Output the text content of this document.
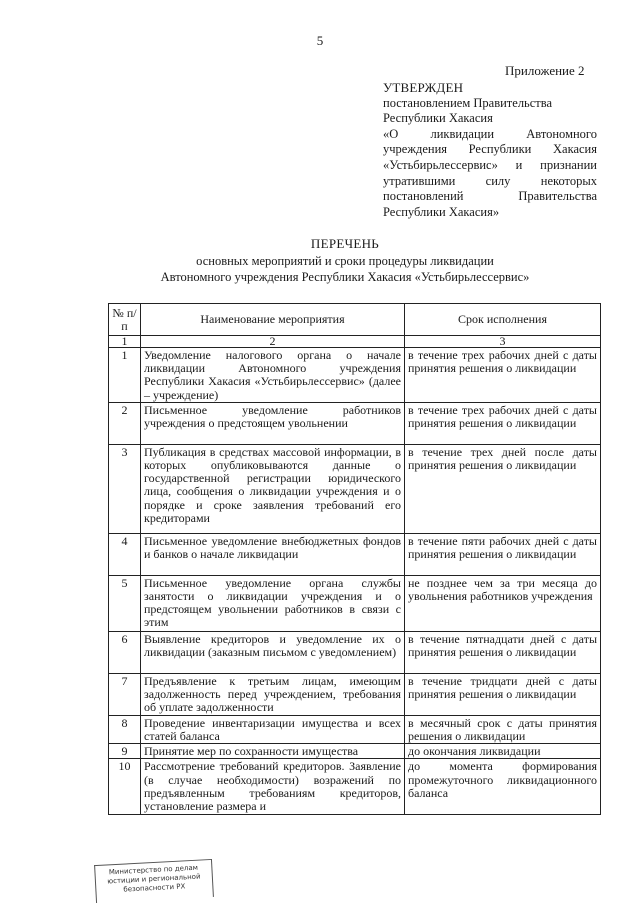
5
Приложение 2
УТВЕРЖДЕН
постановлением Правительства
Республики Хакасия
«О ликвидации Автономного
учреждения Республики Хакасия
«Устьбирьлессервис» и признании
утратившими силу некоторых
постановлений Правительства
Республики Хакасия»
ПЕРЕЧЕНЬ
основных мероприятий и сроки процедуры ликвидации
Автономного учреждения Республики Хакасия «Устьбирьлессервис»
№ п/п	Наименование мероприятия	Срок исполнения
1	2	3
1	Уведомление налогового органа о начале ликвидации Автономного учреждения Республики Хакасия «Устьбирьлессервис» (далее – учреждение)	в течение трех рабочих дней с даты принятия решения о ликвидации
2	Письменное уведомление работников учреждения о предстоящем увольнении	в течение трех рабочих дней с даты принятия решения о ликвидации
3	Публикация в средствах массовой информации, в которых опубликовываются данные о государственной регистрации юридического лица, сообщения о ликвидации учреждения и о порядке и сроке заявления требований его кредиторами	в течение трех дней после даты принятия решения о ликвидации
4	Письменное уведомление внебюджетных фондов и банков о начале ликвидации	в течение пяти рабочих дней с даты принятия решения о ликвидации
5	Письменное уведомление органа службы занятости о ликвидации учреждения и о предстоящем увольнении работников в связи с этим	не позднее чем за три месяца до увольнения работников учреждения
6	Выявление кредиторов и уведомление их о ликвидации (заказным письмом с уведомлением)	в течение пятнадцати дней с даты принятия решения о ликвидации
7	Предъявление к третьим лицам, имеющим задолженность перед учреждением, требования об уплате задолженности	в течение тридцати дней с даты принятия решения о ликвидации
8	Проведение инвентаризации имущества и всех статей баланса	в месячный срок с даты принятия решения о ликвидации
9	Принятие мер по сохранности имущества	до окончания ликвидации
10	Рассмотрение требований кредиторов. Заявление (в случае необходимости) возражений по предъявленным требованиям кредиторов, установление размера и	до момента формирования промежуточного ликвидационного баланса
Министерство по делам
юстиции и региональной
безопасности РХ
